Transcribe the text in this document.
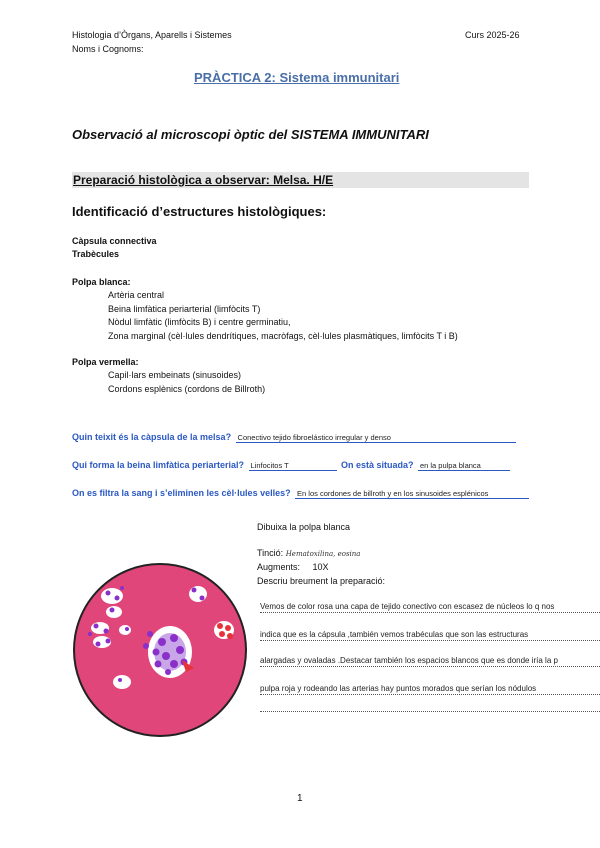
Histologia d’Òrgans, Aparells i Sistemes	Curs 2025-26
Noms i Cognoms:
PRÀCTICA 2: Sistema immunitari
Observació al microscopi òptic del SISTEMA IMMUNITARI
Preparació histològica a observar: Melsa. H/E
Identificació d’estructures histològiques:
Càpsula connectiva
Trabècules
Polpa blanca:
Artèria central
Beina limfàtica periarterial (limfòcits T)
Nòdul limfàtic (limfòcits B) i centre germinatiu,
Zona marginal (cèl·lules dendrítiques, macròfags, cèl·lules plasmàtiques, limfòcits T i B)
Polpa vermella:
Capil·lars embeinats (sinusoides)
Cordons esplènics (cordons de Billroth)
Quin teixit és la càpsula de la melsa? Conectivo tejido fibroelástico irregular y denso
Qui forma la beina limfàtica periarterial? Linfocitos T	On està situada? en la pulpa blanca
On es filtra la sang i s’eliminen les cèl·lules velles? En los cordones de billroth y en los sinusoides esplénicos
Dibuixa la polpa blanca
Tinció: Hematoxilina, eosina
Augments: 10X
Descriu breument la preparació:
Vemos de color rosa una capa de tejido conectivo con escasez de núcleos lo q nos
indica que es la cápsula ,también vemos trabéculas que son las estructuras
alargadas y ovaladas .Destacar también los espacios blancos que es donde iría la p
pulpa roja y rodeando las arterias hay puntos morados que serían los nódulos
1
